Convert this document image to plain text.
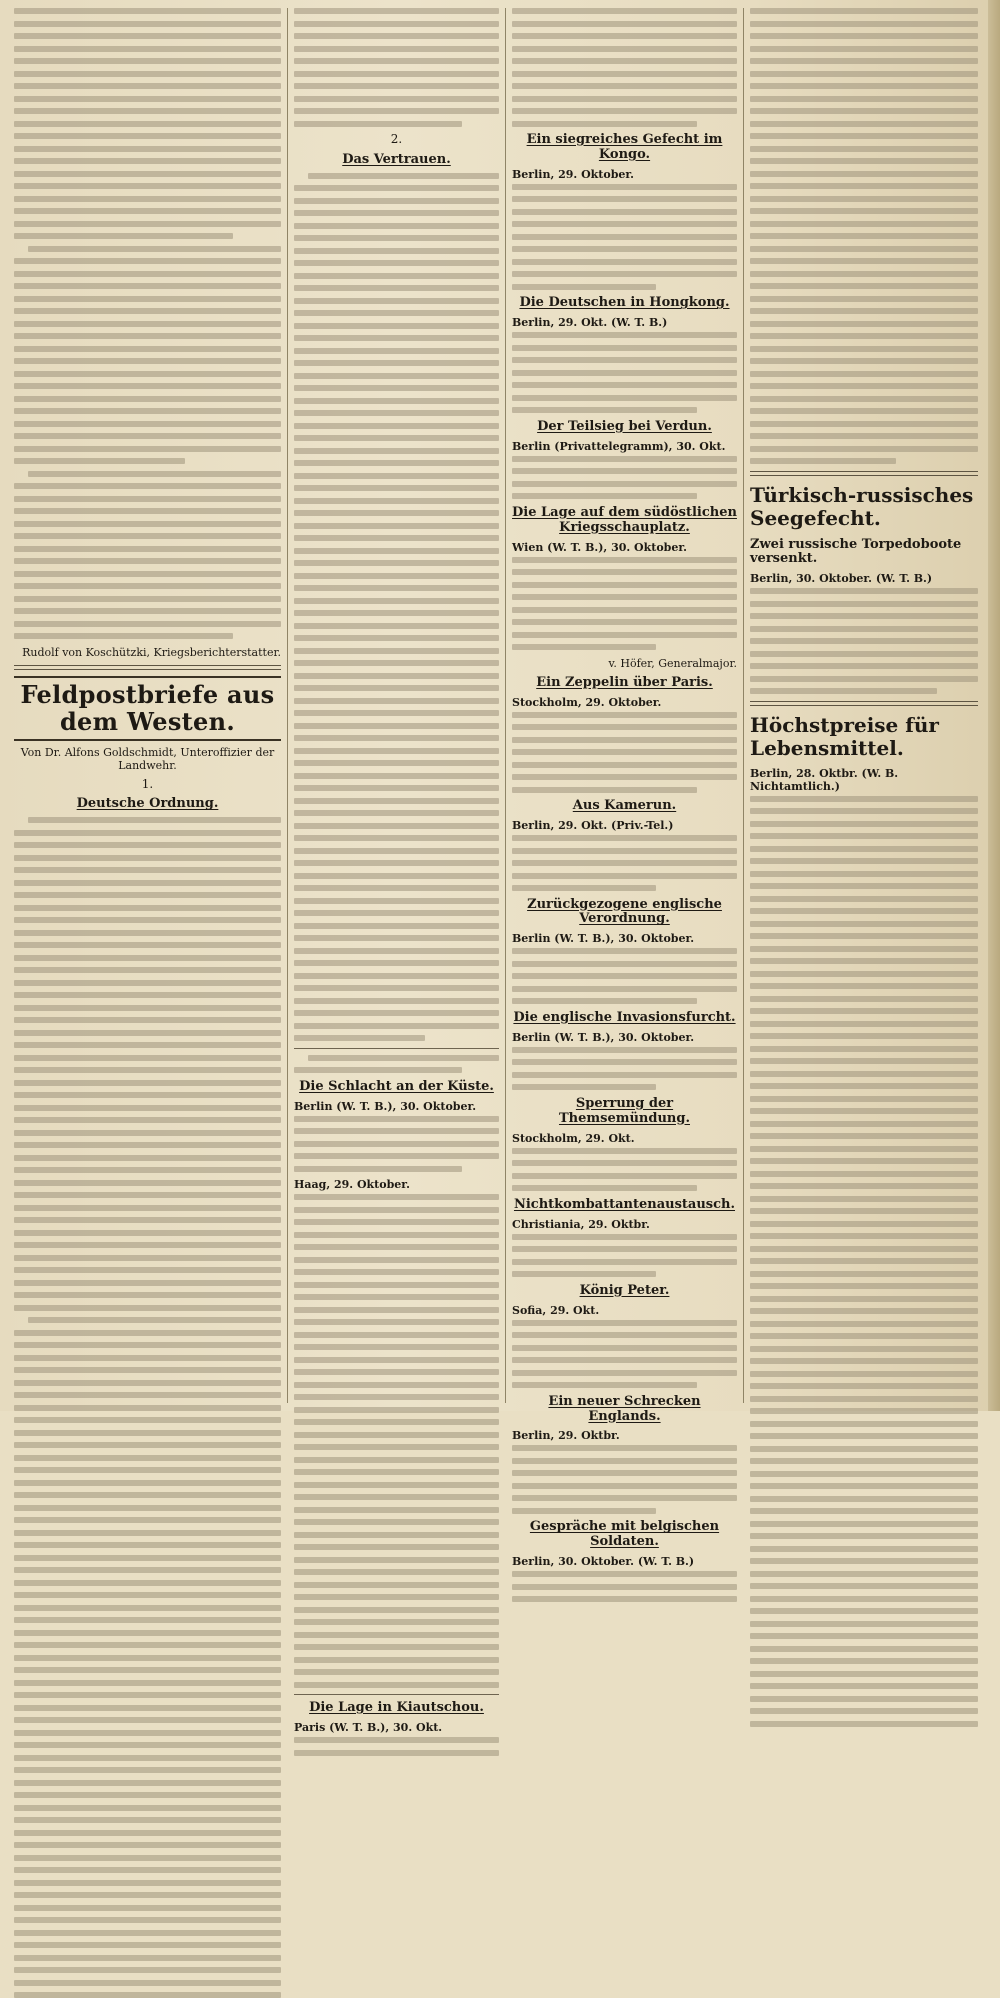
Rudolf von Koschützki, Kriegsberichterstatter.
Feldpostbriefe aus dem Westen.
Von Dr. Alfons Goldschmidt, Unteroffizier der Landwehr.
1.
Deutsche Ordnung.
2.
Das Vertrauen.
Die Schlacht an der Küste.
Berlin (W. T. B.), 30. Oktober.
Haag, 29. Oktober.
Die Lage in Kiautschou.
Paris (W. T. B.), 30. Okt.
Ein siegreiches Gefecht im Kongo.
Berlin, 29. Oktober.
Die Deutschen in Hongkong.
Berlin, 29. Okt. (W. T. B.)
Der Teilsieg bei Verdun.
Berlin (Privattelegramm), 30. Okt.
Die Lage auf dem südöstlichen Kriegsschauplatz.
Wien (W. T. B.), 30. Oktober.
v. Höfer, Generalmajor.
Ein Zeppelin über Paris.
Stockholm, 29. Oktober.
Aus Kamerun.
Berlin, 29. Okt. (Priv.-Tel.)
Zurückgezogene englische Verordnung.
Berlin (W. T. B.), 30. Oktober.
Die englische Invasionsfurcht.
Berlin (W. T. B.), 30. Oktober.
Sperrung der Themsemündung.
Stockholm, 29. Okt.
Nichtkombattantenaustausch.
Christiania, 29. Oktbr.
König Peter.
Sofia, 29. Okt.
Ein neuer Schrecken Englands.
Berlin, 29. Oktbr.
Gespräche mit belgischen Soldaten.
Berlin, 30. Oktober. (W. T. B.)
Türkisch-russisches Seegefecht.
Zwei russische Torpedoboote versenkt.
Berlin, 30. Oktober. (W. T. B.)
Höchstpreise für Lebensmittel.
Berlin, 28. Oktbr. (W. B. Nichtamtlich.)
